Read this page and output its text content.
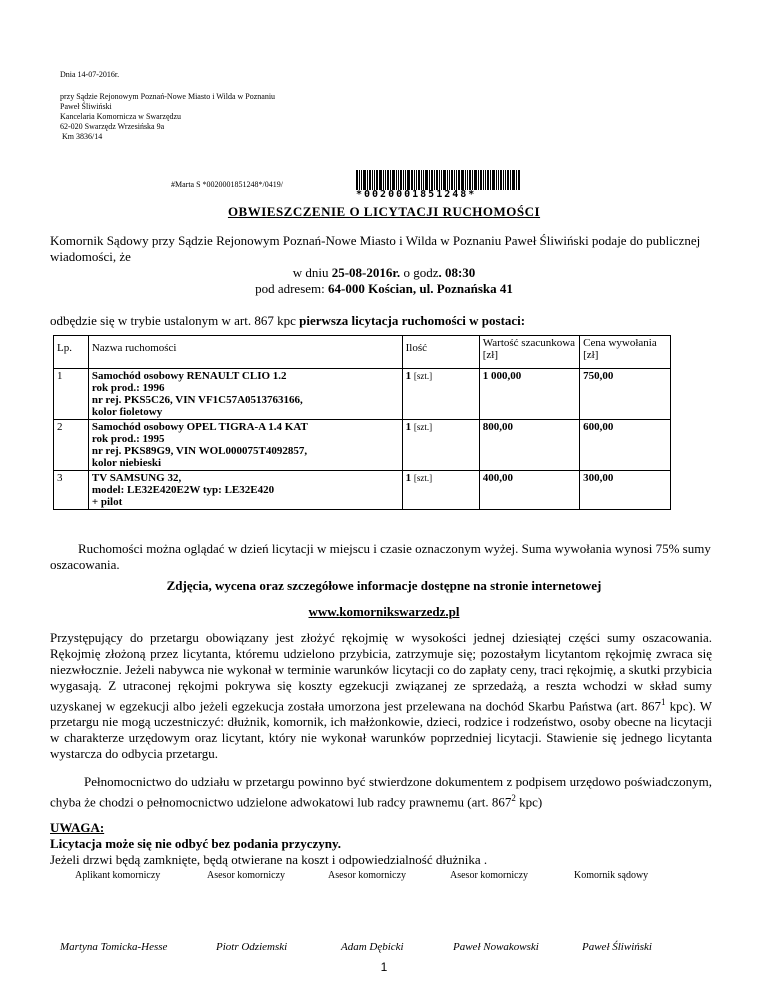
Dnia 14-07-2016r.
przy Sądzie Rejonowym Poznań-Nowe Miasto i Wilda w Poznaniu
Paweł Śliwiński
Kancelaria Komornicza w Swarzędzu
62-020 Swarzędz Wrzesińska 9a
Km 3836/14
#Marta S *0020001851248*/0419/
*0020001851248*
OBWIESZCZENIE O LICYTACJI RUCHOMOŚCI
Komornik Sądowy przy Sądzie Rejonowym Poznań-Nowe Miasto i Wilda w Poznaniu Paweł Śliwiński podaje do publicznej wiadomości, że
w dniu 25-08-2016r. o godz. 08:30
pod adresem: 64-000 Kościan, ul. Poznańska 41
odbędzie się w trybie ustalonym w art. 867 kpc pierwsza licytacja ruchomości w postaci:
Lp.	Nazwa ruchomości	Ilość	Wartość szacunkowa [zł]	Cena wywołania [zł]
1	Samochód osobowy RENAULT CLIO 1.2
rok prod.: 1996
nr rej. PKS5C26, VIN VF1C57A0513763166,
kolor fioletowy	1 [szt.]	1 000,00	750,00
2	Samochód osobowy OPEL TIGRA-A 1.4 KAT
rok prod.: 1995
nr rej. PKS89G9, VIN WOL000075T4092857,
kolor niebieski	1 [szt.]	800,00	600,00
3	TV SAMSUNG 32,
model: LE32E420E2W typ: LE32E420
+ pilot	1 [szt.]	400,00	300,00
Ruchomości można oglądać w dzień licytacji w miejscu i czasie oznaczonym wyżej. Suma wywołania wynosi 75% sumy oszacowania.
Zdjęcia, wycena oraz szczegółowe informacje dostępne na stronie internetowej
www.komornikswarzedz.pl
Przystępujący do przetargu obowiązany jest złożyć rękojmię w wysokości jednej dziesiątej części sumy oszacowania. Rękojmię złożoną przez licytanta, któremu udzielono przybicia, zatrzymuje się; pozostałym licytantom rękojmię zwraca się niezwłocznie. Jeżeli nabywca nie wykonał w terminie warunków licytacji co do zapłaty ceny, traci rękojmię, a skutki przybicia wygasają. Z utraconej rękojmi pokrywa się koszty egzekucji związanej ze sprzedażą, a reszta wchodzi w skład sumy uzyskanej w egzekucji albo jeżeli egzekucja została umorzona jest przelewana na dochód Skarbu Państwa (art. $867^1$ kpc). W przetargu nie mogą uczestniczyć: dłużnik, komornik, ich małżonkowie, dzieci, rodzice i rodzeństwo, osoby obecne na licytacji w charakterze urzędowym oraz licytant, który nie wykonał warunków poprzedniej licytacji. Stawienie się jednego licytanta wystarcza do odbycia przetargu.
Pełnomocnictwo do udziału w przetargu powinno być stwierdzone dokumentem z podpisem urzędowo poświadczonym, chyba że chodzi o pełnomocnictwo udzielone adwokatowi lub radcy prawnemu (art. $867^2$ kpc)
UWAGA:
Licytacja może się nie odbyć bez podania przyczyny.
Jeżeli drzwi będą zamknięte, będą otwierane na koszt i odpowiedzialność dłużnika .
Aplikant komorniczy	Asesor komorniczy	Asesor komorniczy	Asesor komorniczy	Komornik sądowy
Martyna Tomicka-Hesse	Piotr Odziemski	Adam Dębicki	Paweł Nowakowski	Paweł Śliwiński
1
